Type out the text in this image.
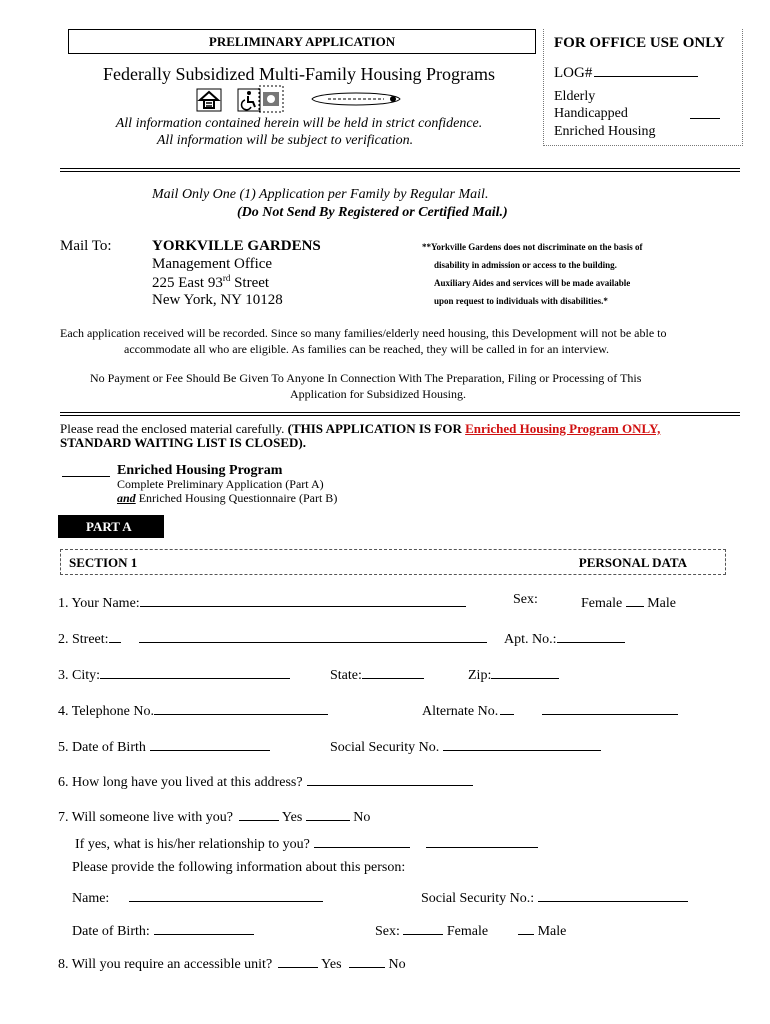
PRELIMINARY APPLICATION
Federally Subsidized Multi-Family Housing Programs
All information contained herein will be held in strict confidence.
All information will be subject to verification.
FOR OFFICE USE ONLY
LOG#
Elderly
Handicapped
Enriched Housing
Mail Only One (1) Application per Family by Regular Mail.
(Do Not Send By Registered or Certified Mail.)
Mail To:	YORKVILLE GARDENS
Management Office
225 East 93rd Street
New York, NY 10128
**Yorkville Gardens does not discriminate on the basis of
disability in admission or access to the building.
Auxiliary Aides and services will be made available
upon request to individuals with disabilities.*
Each application received will be recorded. Since so many families/elderly need housing, this Development will not be able to
accommodate all who are eligible. As families can be reached, they will be called in for an interview.
No Payment or Fee Should Be Given To Anyone In Connection With The Preparation, Filing or Processing of This
Application for Subsidized Housing.
Please read the enclosed material carefully. (THIS APPLICATION IS FOR Enriched Housing Program ONLY,
STANDARD WAITING LIST IS CLOSED).
Enriched Housing Program
Complete Preliminary Application (Part A)
and Enriched Housing Questionnaire (Part B)
PART A
SECTION 1	PERSONAL DATA
1. Your Name:	Sex:	Female Male
2. Street:	Apt. No.:
3. City:	State:	Zip:
4. Telephone No.	Alternate No.
5. Date of Birth	Social Security No.
6. How long have you lived at this address?
7. Will someone live with you?	Yes	No
If yes, what is his/her relationship to you?
Please provide the following information about this person:
Name:	Social Security No.:
Date of Birth:	Sex:	Female	Male
8. Will you require an accessible unit?	Yes	No
